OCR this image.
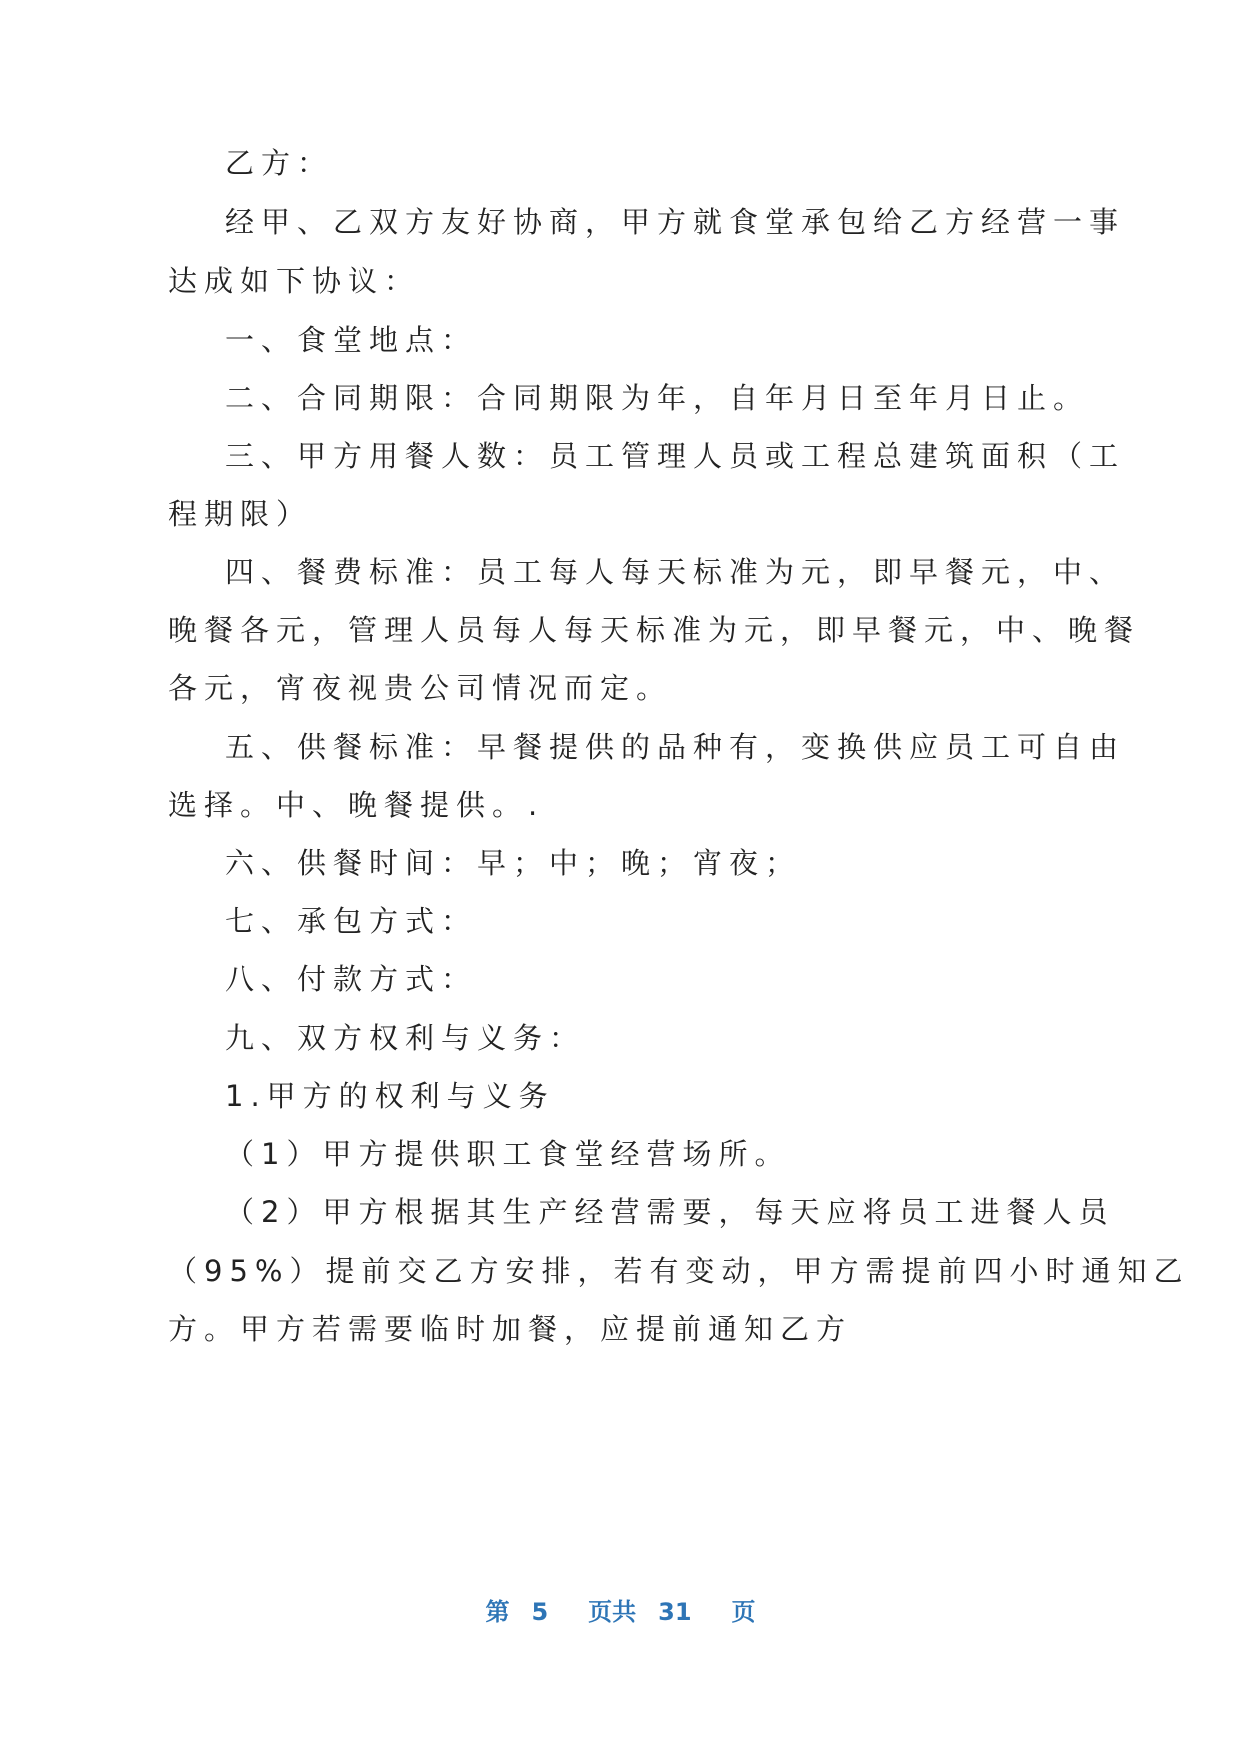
乙方：
经甲、乙双方友好协商，甲方就食堂承包给乙方经营一事
达成如下协议：
一、食堂地点：
二、合同期限：合同期限为年，自年月日至年月日止。
三、甲方用餐人数：员工管理人员或工程总建筑面积（工
程期限）
四、餐费标准：员工每人每天标准为元，即早餐元，中、
晚餐各元，管理人员每人每天标准为元，即早餐元，中、晚餐
各元，宵夜视贵公司情况而定。
五、供餐标准：早餐提供的品种有，变换供应员工可自由
选择。中、晚餐提供。.
六、供餐时间：早；中；晚；宵夜；
七、承包方式：
八、付款方式：
九、双方权利与义务：
1.甲方的权利与义务
（1）甲方提供职工食堂经营场所。
（2）甲方根据其生产经营需要，每天应将员工进餐人员
（95%）提前交乙方安排，若有变动，甲方需提前四小时通知乙
方。甲方若需要临时加餐，应提前通知乙方
第 5 页共 31 页
